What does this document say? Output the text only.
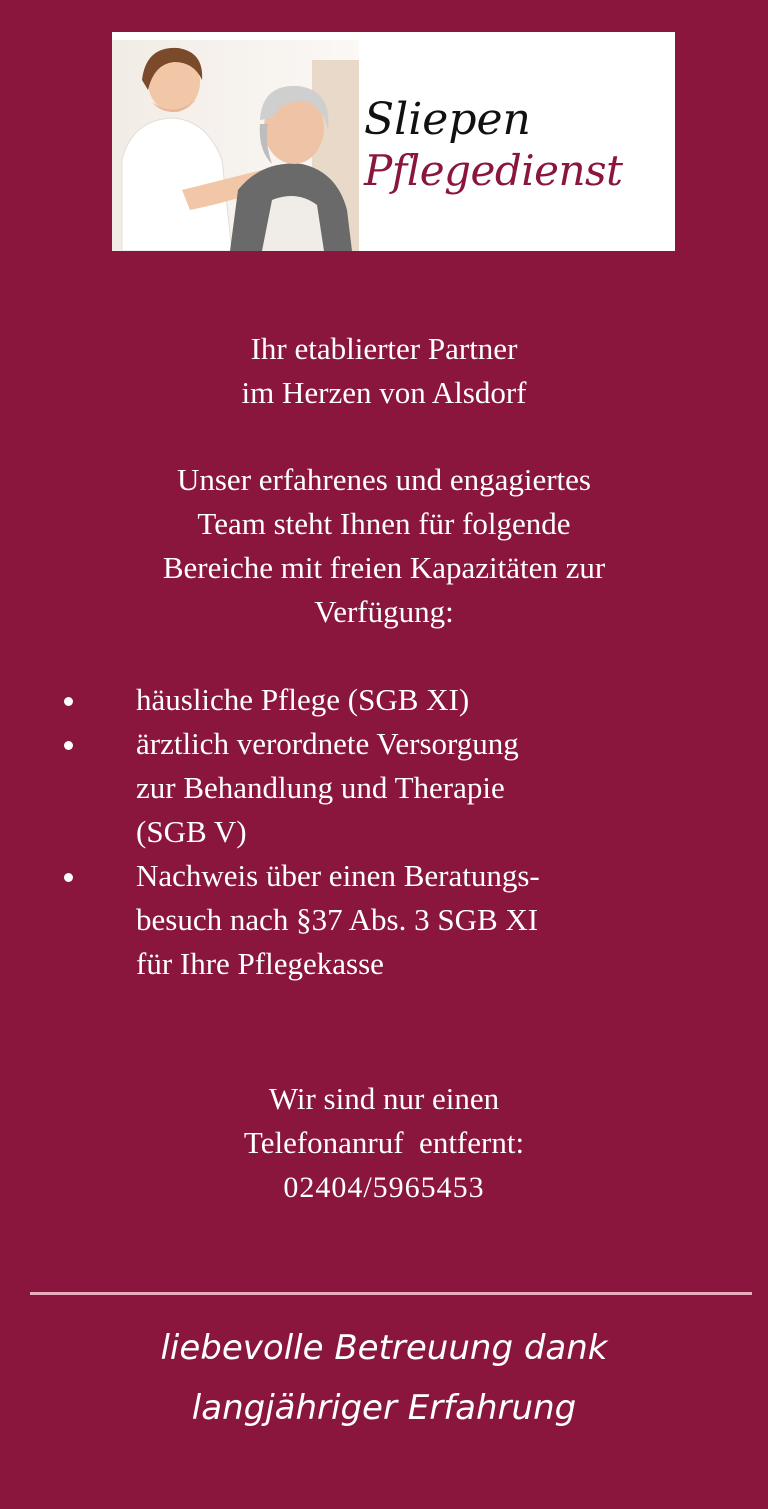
Sliepen
Pflegedienst
Ihr etablierter Partner
im Herzen von Alsdorf
Unser erfahrenes und engagiertes
Team steht Ihnen für folgende
Bereiche mit freien Kapazitäten zur
Verfügung:
häusliche Pflege (SGB XI)
ärztlich verordnete Versorgung
zur Behandlung und Therapie
(SGB V)
Nachweis über einen Beratungs-
besuch nach §37 Abs. 3 SGB XI
für Ihre Pflegekasse
Wir sind nur einen
Telefonanruf  entfernt:
02404/5965453
liebevolle Betreuung dank
langjähriger Erfahrung
